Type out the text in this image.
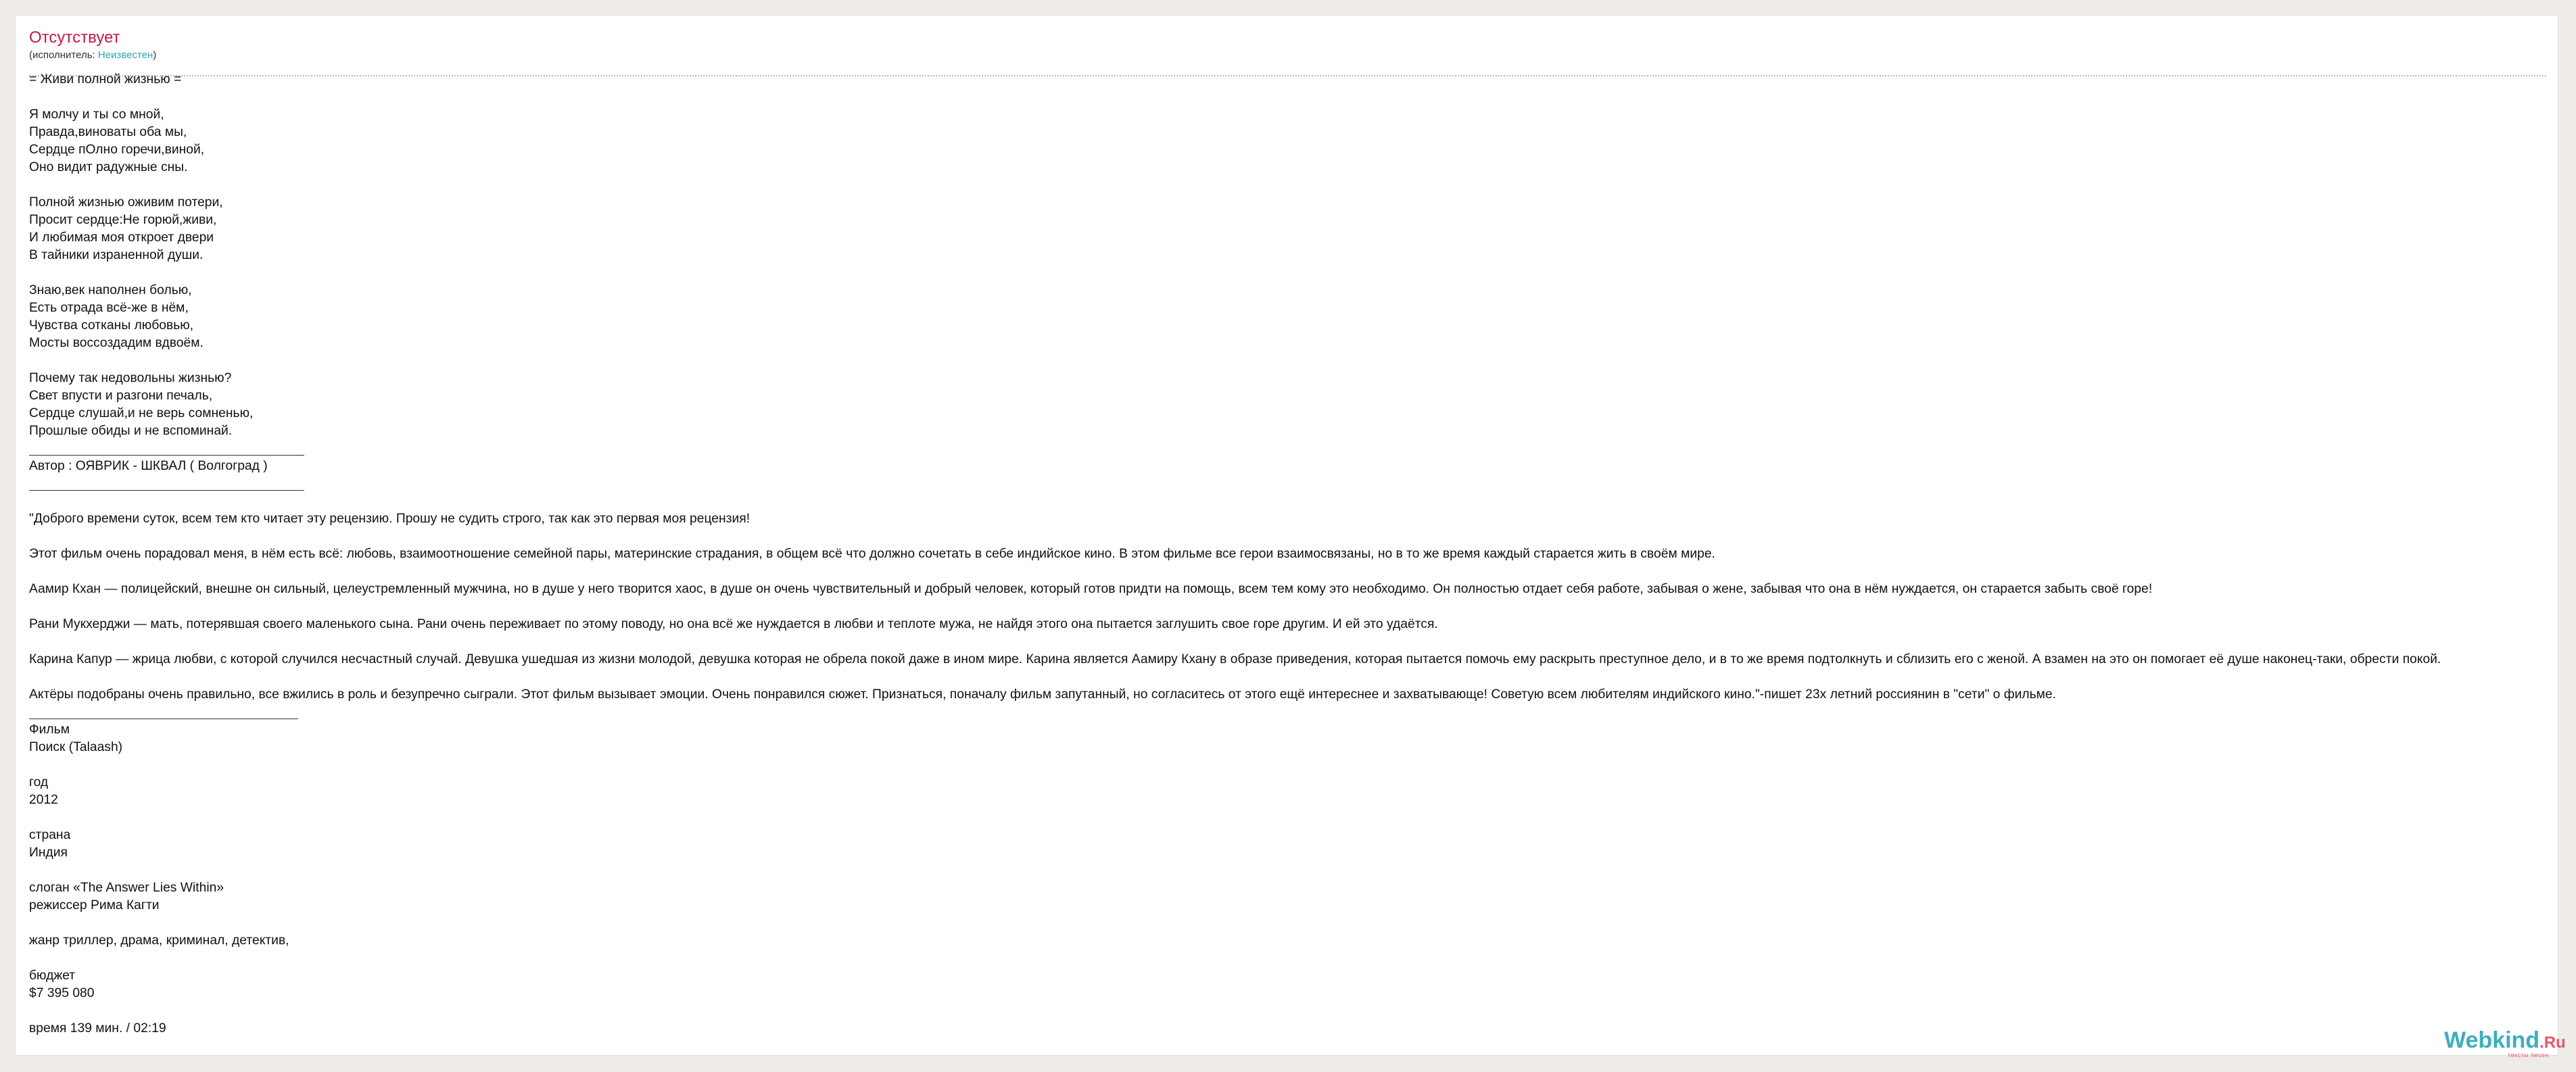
Отсутствует
(исполнитель: Неизвестен)
= Живи полной жизнью =
Я молчу и ты со мной,
Правда,виноваты оба мы,
Сердце пОлно горечи,виной,
Оно видит радужные сны.
Полной жизнью оживим потери,
Просит сердце:Не горюй,живи,
И любимая моя откроет двери
В тайники израненной души.
Знаю,век наполнен болью,
Есть отрада всё-же в нём,
Чувства сотканы любовью,
Мосты воссоздадим вдвоём.
Почему так недовольны жизнью?
Свет впусти и разгони печаль,
Сердце слушай,и не верь сомненью,
Прошлые обиды и не вспоминай.
Автор : ОЯВРИК - ШКВАЛ ( Волгоград )
"Доброго времени суток, всем тем кто читает эту рецензию. Прошу не судить строго, так как это первая моя рецензия!
Этот фильм очень порадовал меня, в нём есть всё: любовь, взаимоотношение семейной пары, материнские страдания, в общем всё что должно сочетать в себе индийское кино. В этом фильме все герои взаимосвязаны, но в то же время каждый старается жить в своём мире.
Аамир Кхан — полицейский, внешне он сильный, целеустремленный мужчина, но в душе у него творится хаос, в душе он очень чувствительный и добрый человек, который готов придти на помощь, всем тем кому это необходимо. Он полностью отдает себя работе, забывая о жене, забывая что она в нём нуждается, он старается забыть своё горе!
Рани Мукхерджи — мать, потерявшая своего маленького сына. Рани очень переживает по этому поводу, но она всё же нуждается в любви и теплоте мужа, не найдя этого она пытается заглушить свое горе другим. И ей это удаётся.
Карина Капур — жрица любви, с которой случился несчастный случай. Девушка ушедшая из жизни молодой, девушка которая не обрела покой даже в ином мире. Карина является Аамиру Кхану в образе приведения, которая пытается помочь ему раскрыть преступное дело, и в то же время подтолкнуть и сблизить его с женой. А взамен на это он помогает её душе наконец-таки, обрести покой.
Актёры подобраны очень правильно, все вжились в роль и безупречно сыграли. Этот фильм вызывает эмоции. Очень понравился сюжет. Признаться, поначалу фильм запутанный, но согласитесь от этого ещё интереснее и захватывающе! Советую всем любителям индийского кино."-пишет 23х летний россиянин в "сети" о фильме.
Фильм
Поиск (Talaash)
год
2012
страна
Индия
слоган «The Answer Lies Within»
режиссер Рима Кагти
жанр триллер, драма, криминал, детектив,
бюджет
$7 395 080
время 139 мин. / 02:19	Webkind.Ru
тексты песен
